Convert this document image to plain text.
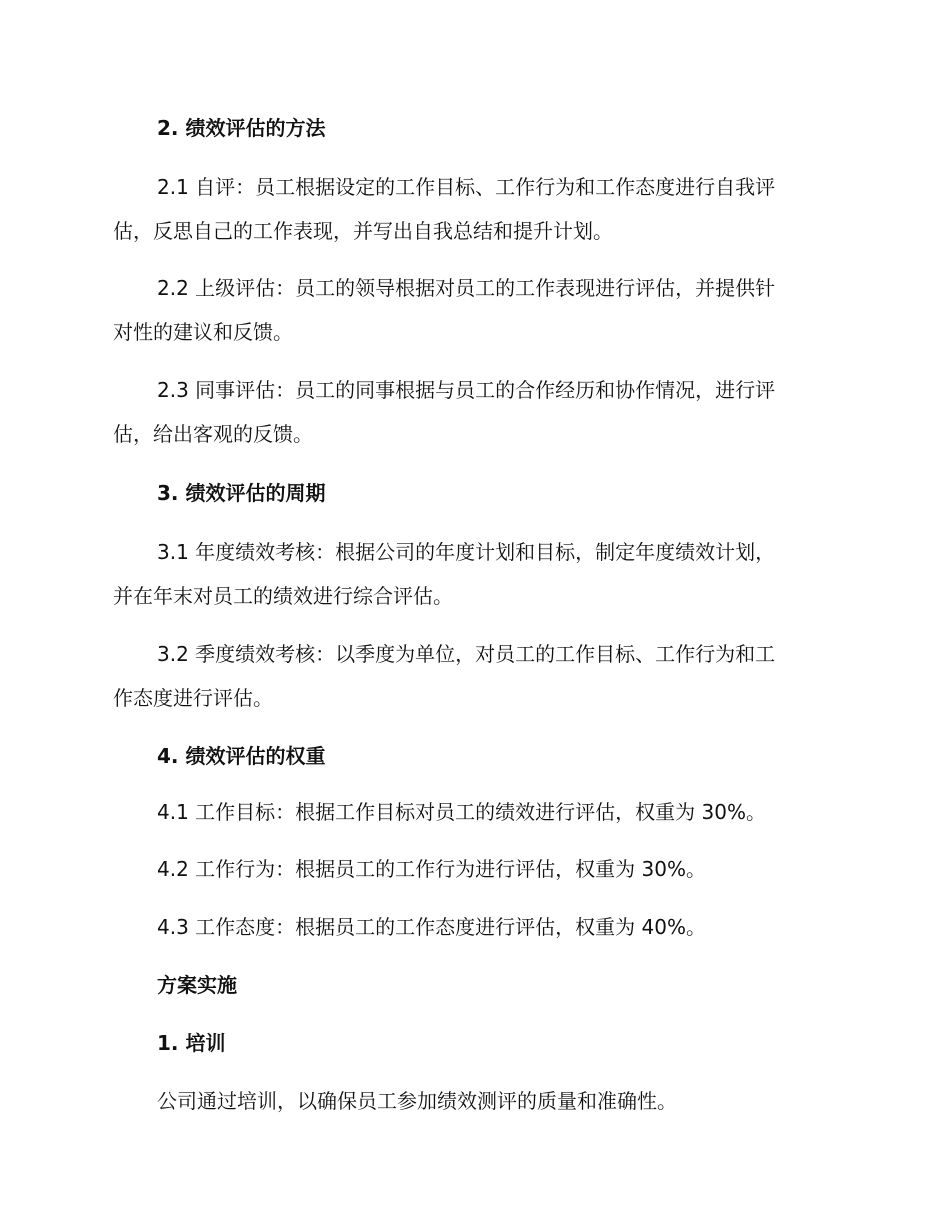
2. 绩效评估的方法
2.1 自评：员工根据设定的工作目标、工作行为和工作态度进行自我评
估，反思自己的工作表现，并写出自我总结和提升计划。
2.2 上级评估：员工的领导根据对员工的工作表现进行评估，并提供针
对性的建议和反馈。
2.3 同事评估：员工的同事根据与员工的合作经历和协作情况，进行评
估，给出客观的反馈。
3. 绩效评估的周期
3.1 年度绩效考核：根据公司的年度计划和目标，制定年度绩效计划，
并在年末对员工的绩效进行综合评估。
3.2 季度绩效考核：以季度为单位，对员工的工作目标、工作行为和工
作态度进行评估。
4. 绩效评估的权重
4.1 工作目标：根据工作目标对员工的绩效进行评估，权重为 30%。
4.2 工作行为：根据员工的工作行为进行评估，权重为 30%。
4.3 工作态度：根据员工的工作态度进行评估，权重为 40%。
方案实施
1. 培训
公司通过培训，以确保员工参加绩效测评的质量和准确性。
